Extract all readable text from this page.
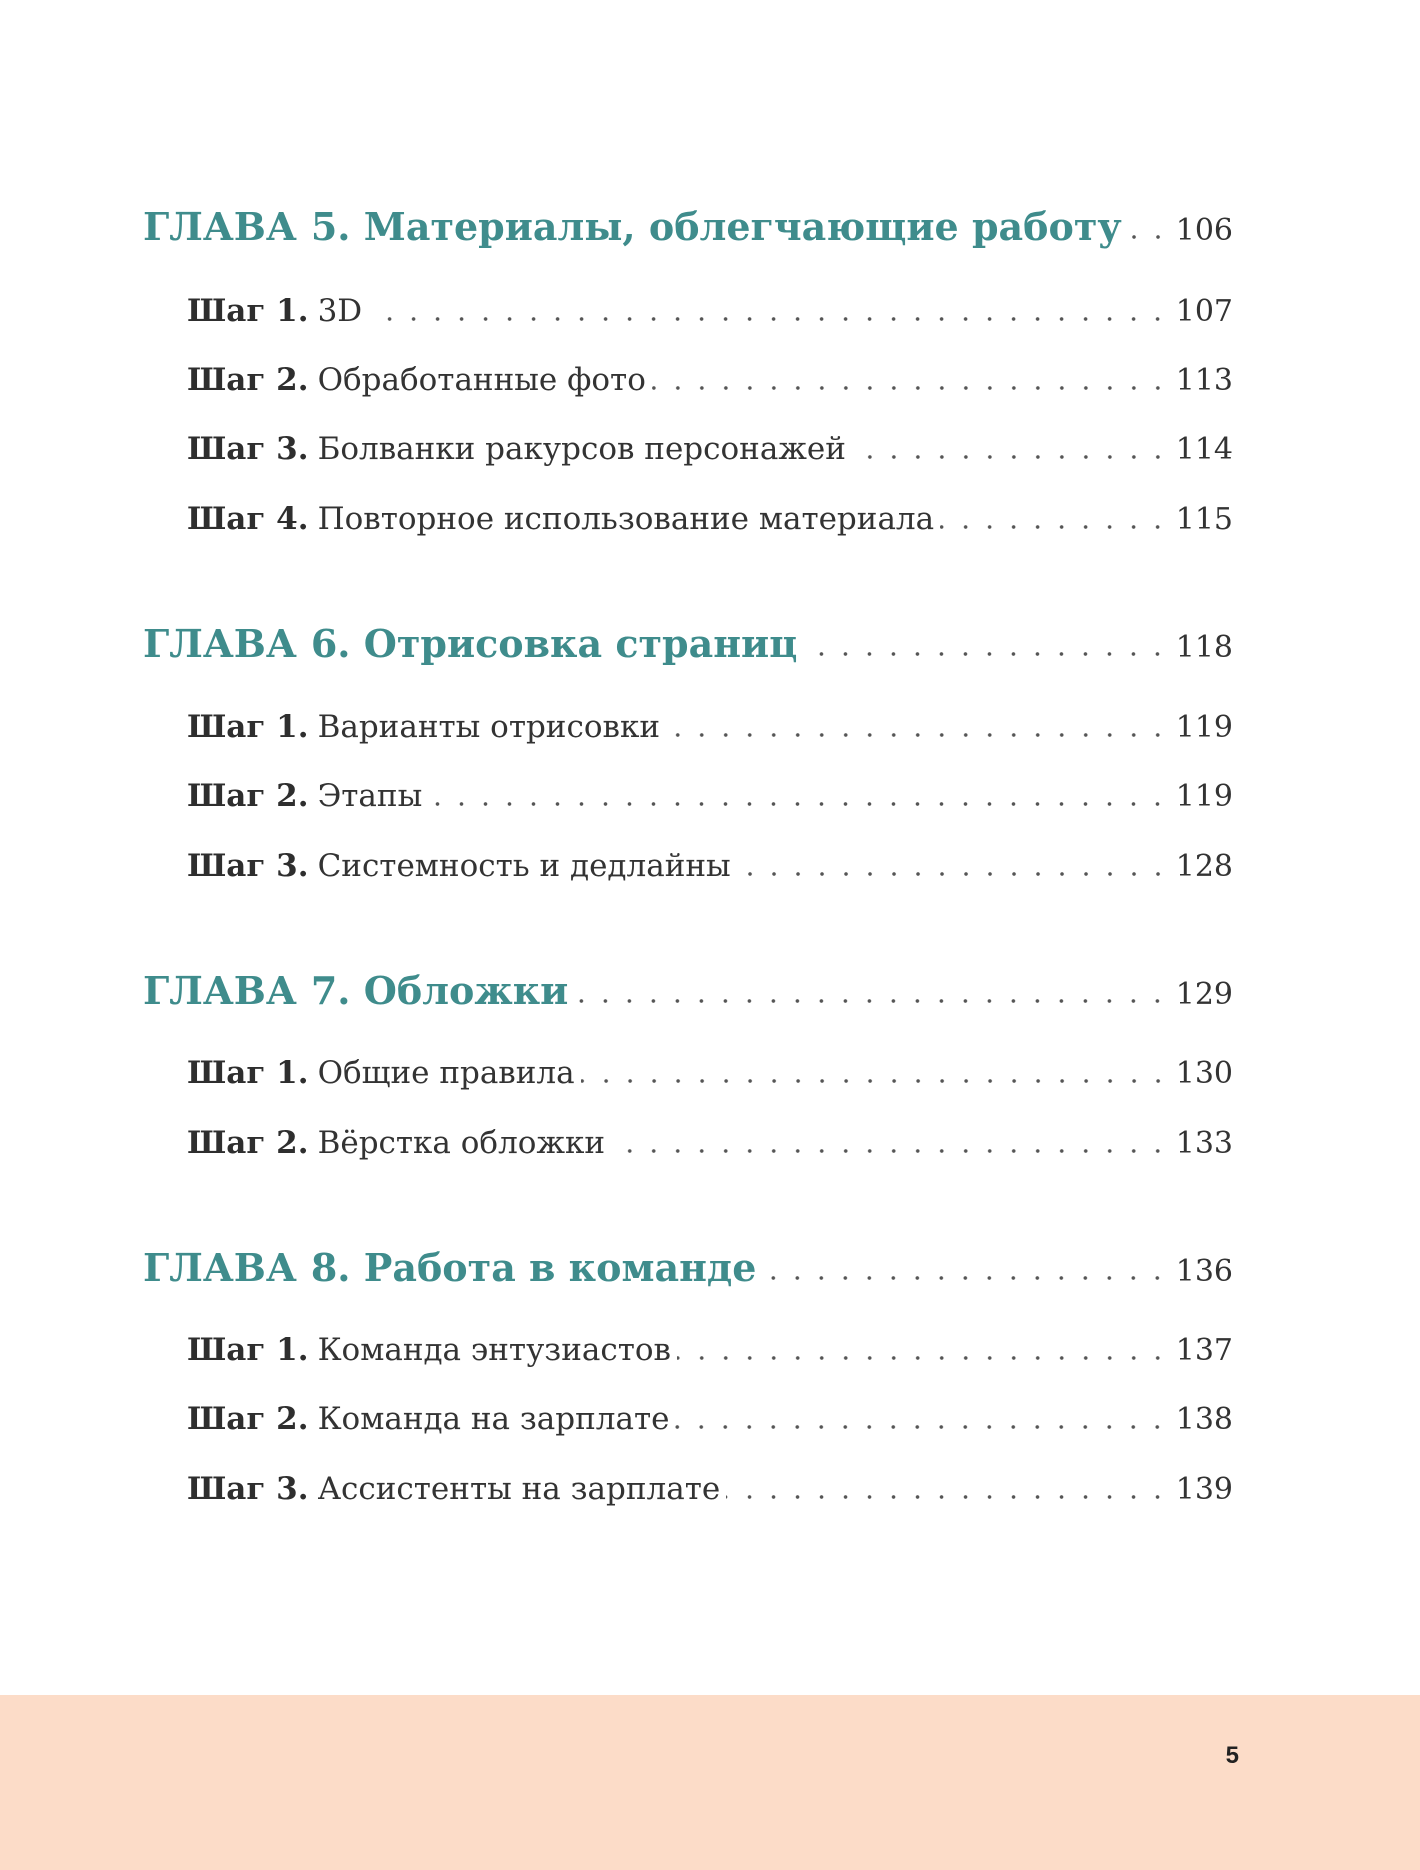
ГЛАВА 5. Материалы, облегчающие работу 106
Шаг 1. 3D	107
Шаг 2. Обработанные фото	113
Шаг 3. Болванки ракурсов персонажей	114
Шаг 4. Повторное использование материала	115
ГЛАВА 6. Отрисовка страниц	118
Шаг 1. Варианты отрисовки	119
Шаг 2. Этапы	119
Шаг 3. Системность и дедлайны	128
ГЛАВА 7. Обложки	129
Шаг 1. Общие правила	130
Шаг 2. Вёрстка обложки	133
ГЛАВА 8. Работа в команде	136
Шаг 1. Команда энтузиастов	137
Шаг 2. Команда на зарплате	138
Шаг 3. Ассистенты на зарплате	139
5
